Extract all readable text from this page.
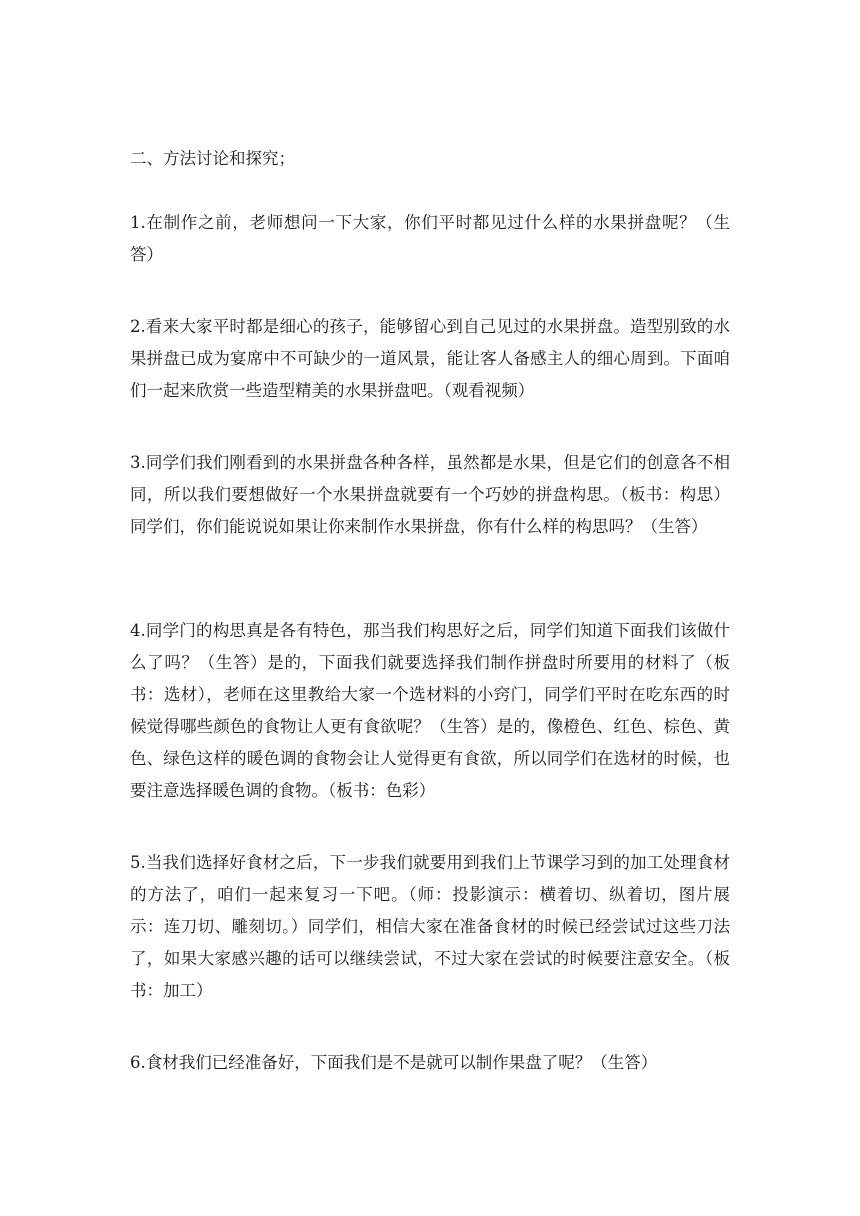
二、方法讨论和探究；

1.在制作之前，老师想问一下大家，你们平时都见过什么样的水果拼盘呢？（生答）

2.看来大家平时都是细心的孩子，能够留心到自己见过的水果拼盘。造型别致的水果拼盘已成为宴席中不可缺少的一道风景，能让客人备感主人的细心周到。下面咱们一起来欣赏一些造型精美的水果拼盘吧。（观看视频）

3.同学们我们刚看到的水果拼盘各种各样，虽然都是水果，但是它们的创意各不相同，所以我们要想做好一个水果拼盘就要有一个巧妙的拼盘构思。（板书：构思）同学们，你们能说说如果让你来制作水果拼盘，你有什么样的构思吗？（生答）

4.同学门的构思真是各有特色，那当我们构思好之后，同学们知道下面我们该做什么了吗？（生答）是的，下面我们就要选择我们制作拼盘时所要用的材料了（板书：选材），老师在这里教给大家一个选材料的小窍门，同学们平时在吃东西的时候觉得哪些颜色的食物让人更有食欲呢？（生答）是的，像橙色、红色、棕色、黄色、绿色这样的暖色调的食物会让人觉得更有食欲，所以同学们在选材的时候，也要注意选择暖色调的食物。（板书：色彩）

5.当我们选择好食材之后，下一步我们就要用到我们上节课学习到的加工处理食材的方法了，咱们一起来复习一下吧。（师：投影演示：横着切、纵着切，图片展示：连刀切、雕刻切。）同学们，相信大家在准备食材的时候已经尝试过这些刀法了，如果大家感兴趣的话可以继续尝试，不过大家在尝试的时候要注意安全。（板书：加工）

6.食材我们已经准备好，下面我们是不是就可以制作果盘了呢？（生答）
